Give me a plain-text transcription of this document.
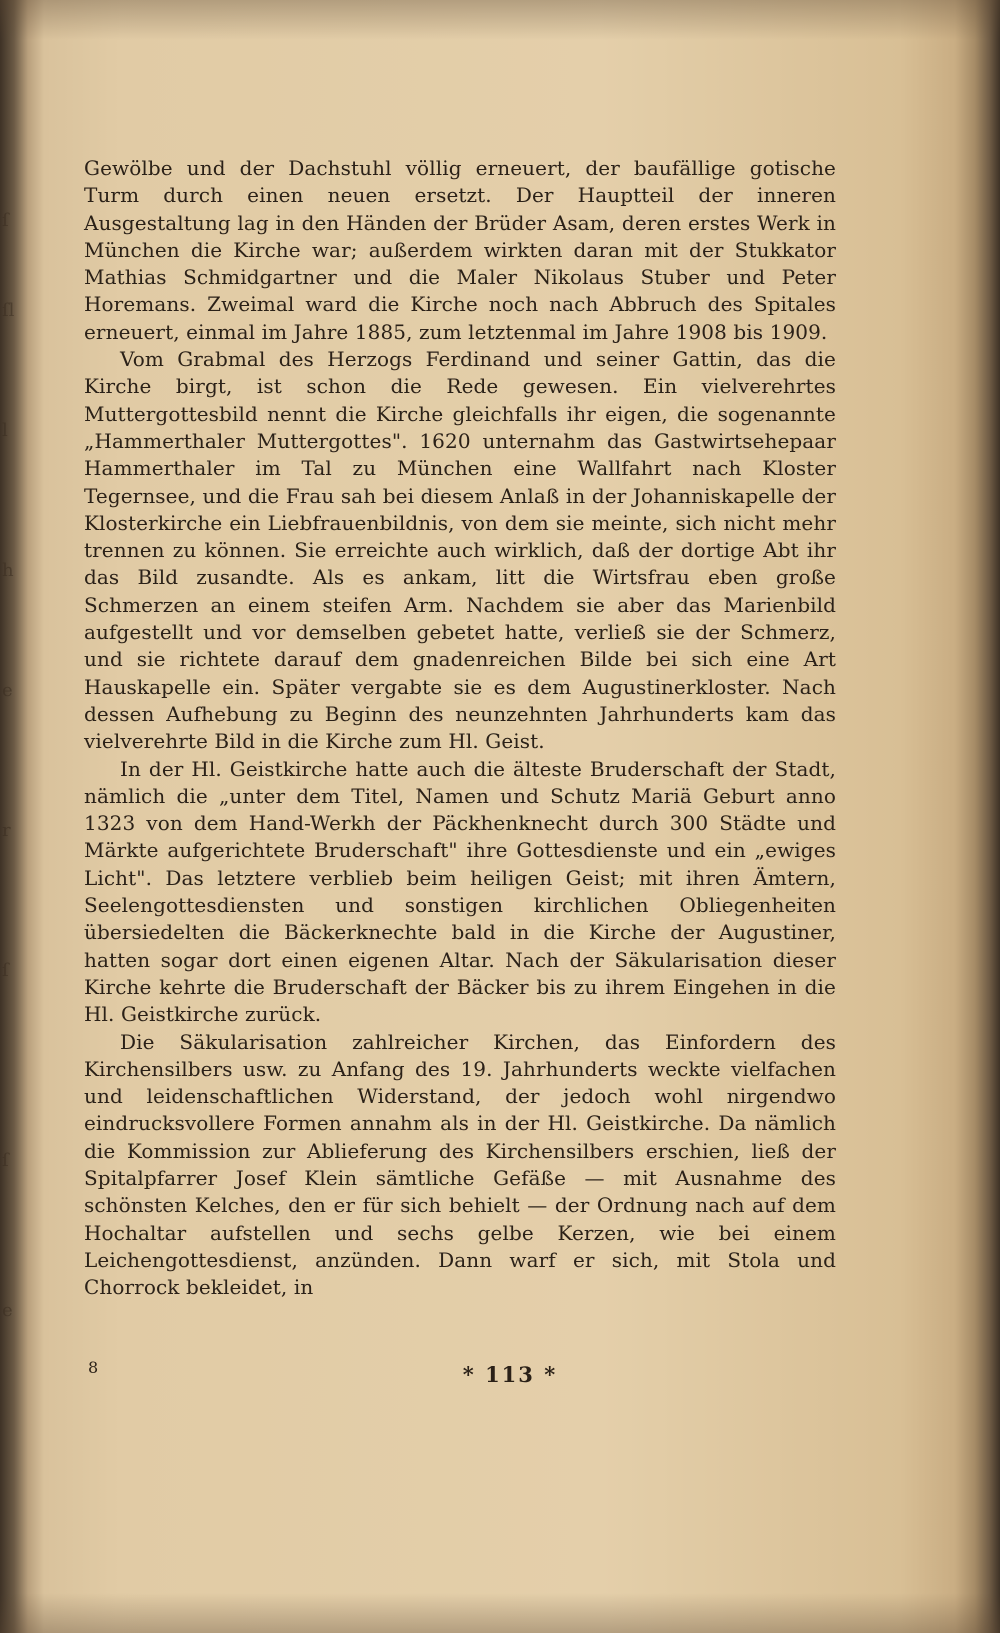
ſ
ſl
l
h
e
r
ſ
ſ
e

Gewölbe und der Dachstuhl völlig erneuert, der baufällige gotische Turm durch einen neuen ersetzt. Der Hauptteil der inneren Ausgestaltung lag in den Händen der Brüder Asam, deren erstes Werk in München die Kirche war; außerdem wirkten daran mit der Stukkator Mathias Schmidgartner und die Maler Nikolaus Stuber und Peter Horemans. Zweimal ward die Kirche noch nach Abbruch des Spitales erneuert, einmal im Jahre 1885, zum letztenmal im Jahre 1908 bis 1909.

Vom Grabmal des Herzogs Ferdinand und seiner Gattin, das die Kirche birgt, ist schon die Rede gewesen. Ein vielverehrtes Muttergottesbild nennt die Kirche gleichfalls ihr eigen, die sogenannte „Hammerthaler Muttergottes". 1620 unternahm das Gastwirtsehepaar Hammerthaler im Tal zu München eine Wallfahrt nach Kloster Tegernsee, und die Frau sah bei diesem Anlaß in der Johanniskapelle der Klosterkirche ein Liebfrauenbildnis, von dem sie meinte, sich nicht mehr trennen zu können. Sie erreichte auch wirklich, daß der dortige Abt ihr das Bild zusandte. Als es ankam, litt die Wirtsfrau eben große Schmerzen an einem steifen Arm. Nachdem sie aber das Marienbild aufgestellt und vor demselben gebetet hatte, verließ sie der Schmerz, und sie richtete darauf dem gnadenreichen Bilde bei sich eine Art Hauskapelle ein. Später vergabte sie es dem Augustinerkloster. Nach dessen Aufhebung zu Beginn des neunzehnten Jahrhunderts kam das vielverehrte Bild in die Kirche zum Hl. Geist.

In der Hl. Geistkirche hatte auch die älteste Bruderschaft der Stadt, nämlich die „unter dem Titel, Namen und Schutz Mariä Geburt anno 1323 von dem Hand-Werkh der Päckhenknecht durch 300 Städte und Märkte aufgerichtete Bruderschaft" ihre Gottesdienste und ein „ewiges Licht". Das letztere verblieb beim heiligen Geist; mit ihren Ämtern, Seelengottesdiensten und sonstigen kirchlichen Obliegenheiten übersiedelten die Bäckerknechte bald in die Kirche der Augustiner, hatten sogar dort einen eigenen Altar. Nach der Säkularisation dieser Kirche kehrte die Bruderschaft der Bäcker bis zu ihrem Eingehen in die Hl. Geistkirche zurück.

Die Säkularisation zahlreicher Kirchen, das Einfordern des Kirchensilbers usw. zu Anfang des 19. Jahrhunderts weckte vielfachen und leidenschaftlichen Widerstand, der jedoch wohl nirgendwo eindrucksvollere Formen annahm als in der Hl. Geistkirche. Da nämlich die Kommission zur Ablieferung des Kirchensilbers erschien, ließ der Spitalpfarrer Josef Klein sämtliche Gefäße — mit Ausnahme des schönsten Kelches, den er für sich behielt — der Ordnung nach auf dem Hochaltar aufstellen und sechs gelbe Kerzen, wie bei einem Leichengottesdienst, anzünden. Dann warf er sich, mit Stola und Chorrock bekleidet, in

8	* 113 *
